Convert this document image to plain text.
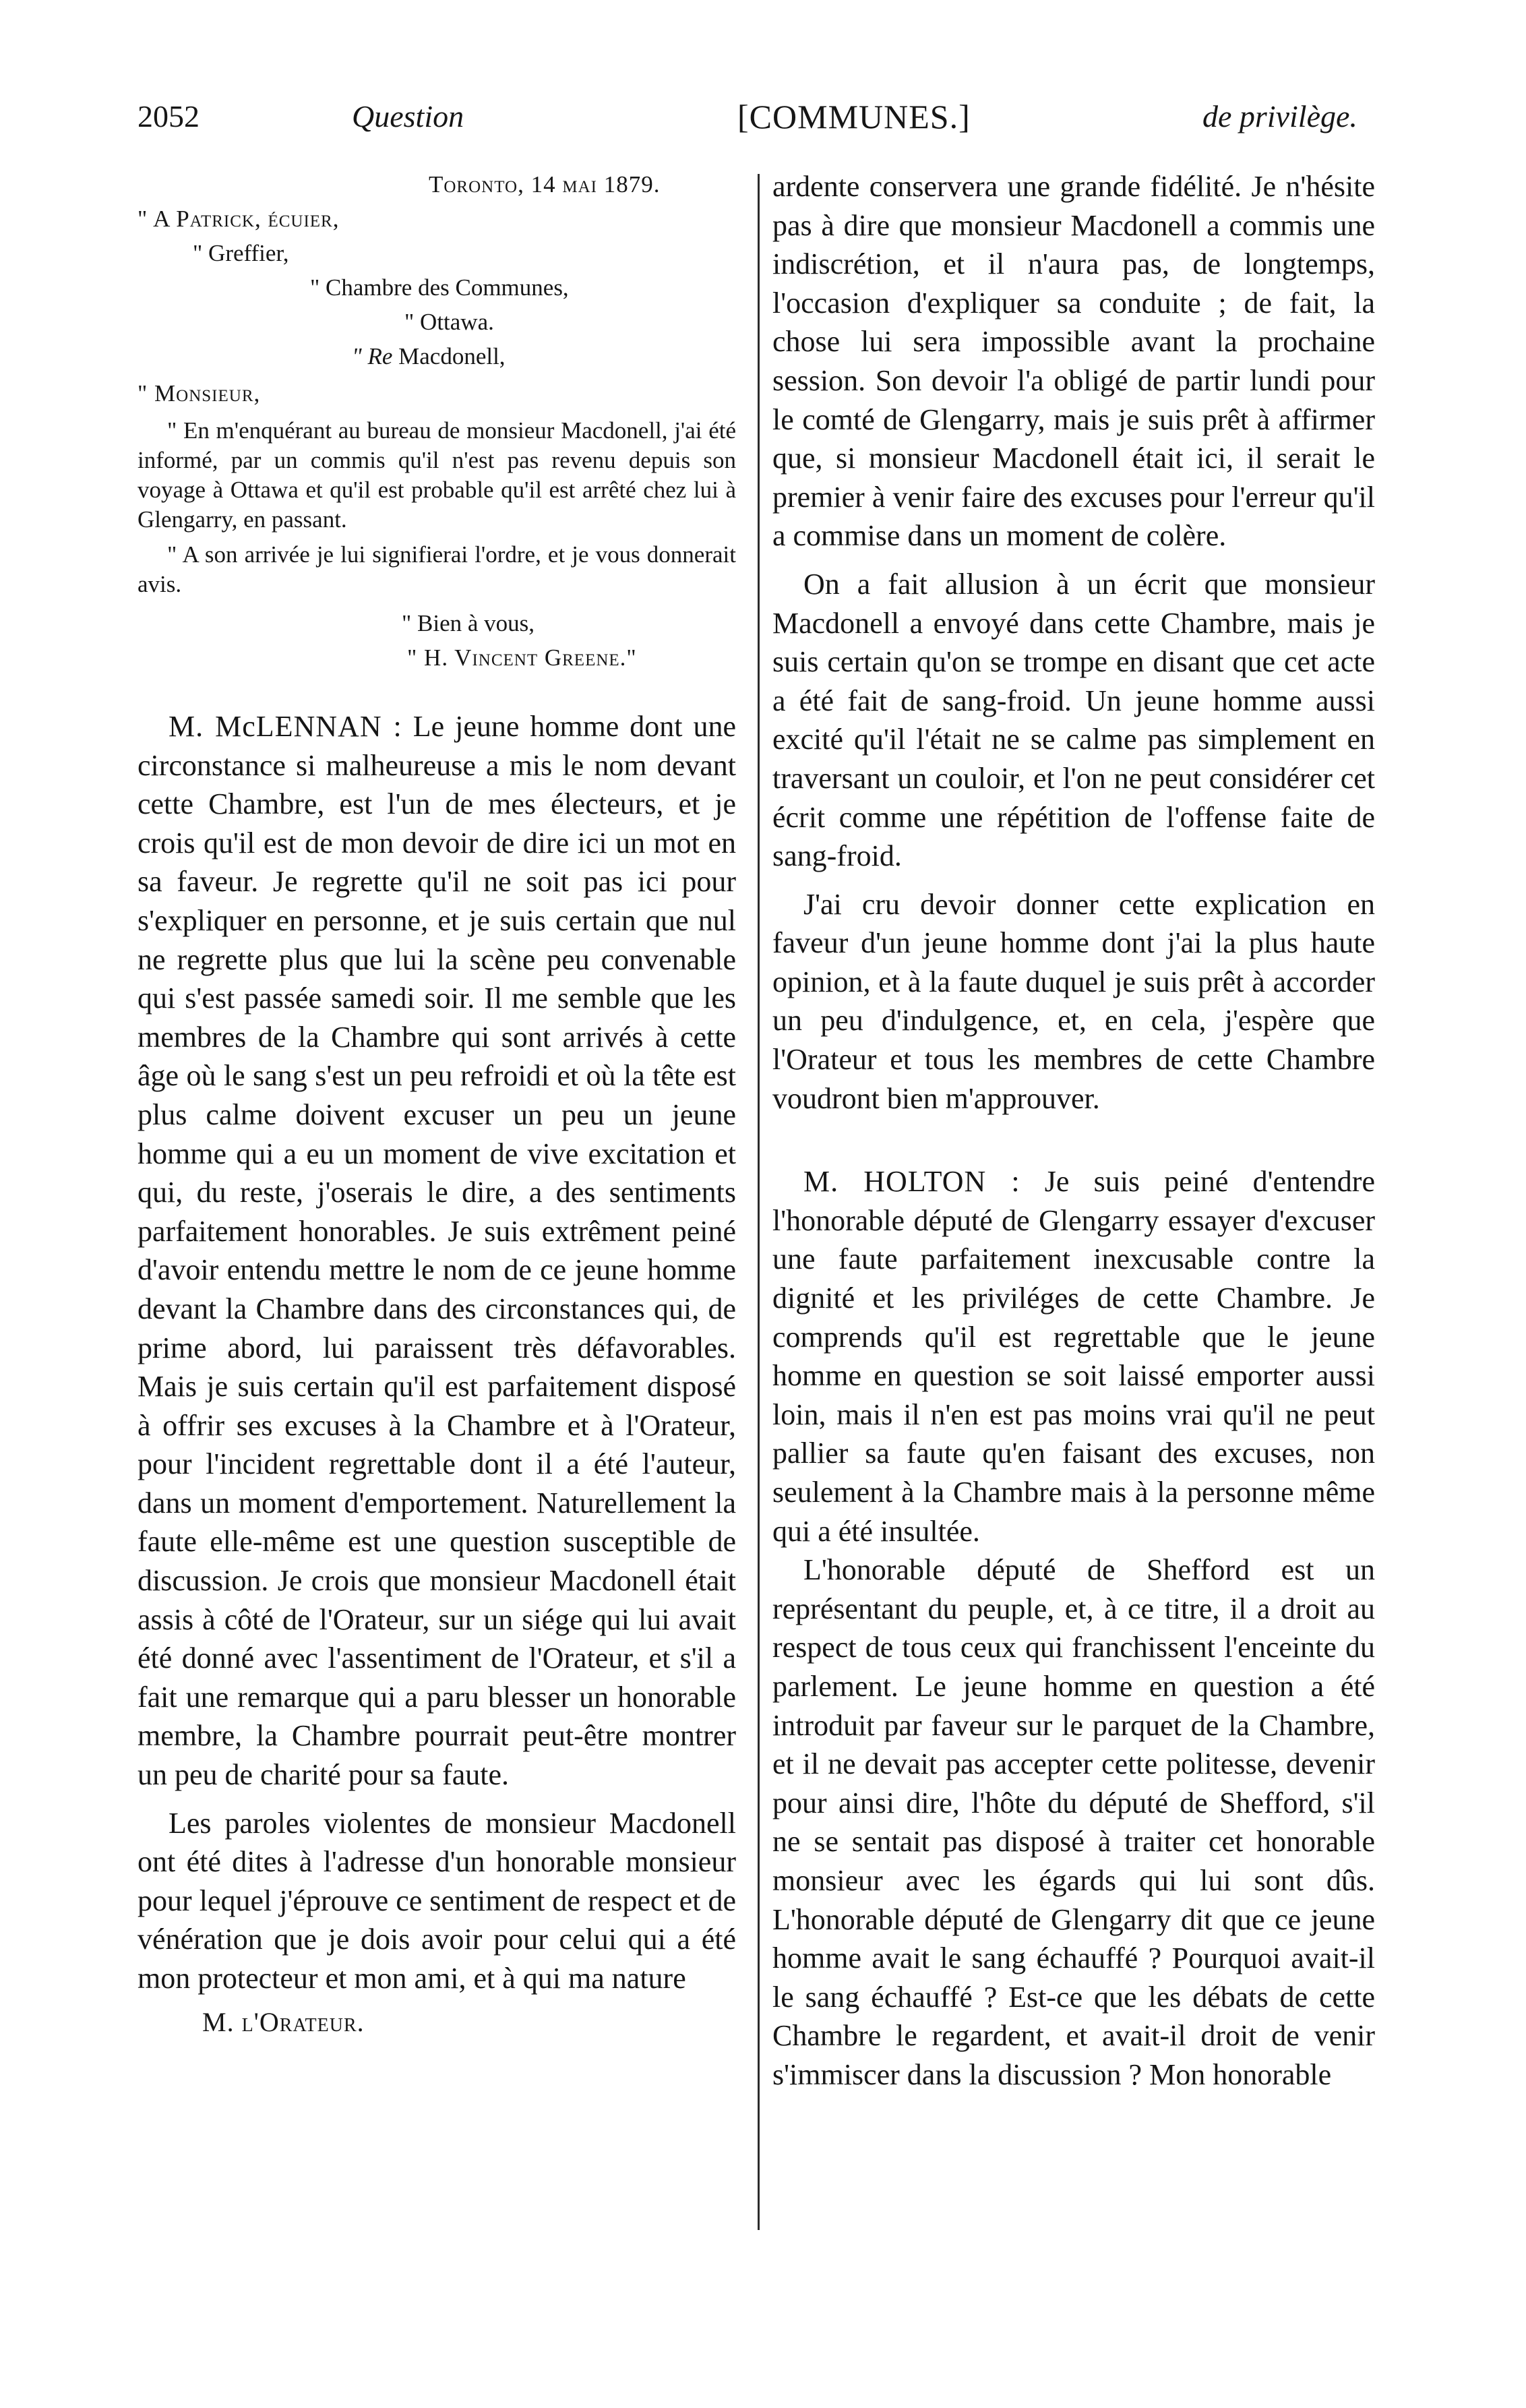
2052	Question	[COMMUNES.]	de privilège.
Toronto, 14 mai 1879.
" A Patrick, écuier,
" Greffier,
" Chambre des Communes,
" Ottawa.
" Re Macdonell,
" Monsieur,

" En m'enquérant au bureau de monsieur Macdonell, j'ai été informé, par un commis qu'il n'est pas revenu depuis son voyage à Ottawa et qu'il est probable qu'il est arrêté chez lui à Glengarry, en passant.

" A son arrivée je lui signifierai l'ordre, et je vous donnerait avis.

" Bien à vous,
" H. Vincent Greene."

M. McLENNAN : Le jeune homme dont une circonstance si malheureuse a mis le nom devant cette Chambre, est l'un de mes électeurs, et je crois qu'il est de mon devoir de dire ici un mot en sa faveur. Je regrette qu'il ne soit pas ici pour s'expliquer en personne, et je suis certain que nul ne regrette plus que lui la scène peu convenable qui s'est passée samedi soir. Il me semble que les membres de la Chambre qui sont arrivés à cette âge où le sang s'est un peu refroidi et où la tête est plus calme doivent excuser un peu un jeune homme qui a eu un moment de vive excitation et qui, du reste, j'oserais le dire, a des sentiments parfaitement honorables. Je suis extrêment peiné d'avoir entendu mettre le nom de ce jeune homme devant la Chambre dans des circonstances qui, de prime abord, lui paraissent très défavorables. Mais je suis certain qu'il est parfaitement disposé à offrir ses excuses à la Chambre et à l'Orateur, pour l'incident regrettable dont il a été l'auteur, dans un moment d'emportement. Naturellement la faute elle-même est une question susceptible de discussion. Je crois que monsieur Macdonell était assis à côté de l'Orateur, sur un siége qui lui avait été donné avec l'assentiment de l'Orateur, et s'il a fait une remarque qui a paru blesser un honorable membre, la Chambre pourrait peut-être montrer un peu de charité pour sa faute.

Les paroles violentes de monsieur Macdonell ont été dites à l'adresse d'un honorable monsieur pour lequel j'éprouve ce sentiment de respect et de vénération que je dois avoir pour celui qui a été mon protecteur et mon ami, et à qui ma nature

M. l'Orateur.

ardente conservera une grande fidélité. Je n'hésite pas à dire que monsieur Macdonell a commis une indiscrétion, et il n'aura pas, de longtemps, l'occasion d'expliquer sa conduite ; de fait, la chose lui sera impossible avant la prochaine session. Son devoir l'a obligé de partir lundi pour le comté de Glengarry, mais je suis prêt à affirmer que, si monsieur Macdonell était ici, il serait le premier à venir faire des excuses pour l'erreur qu'il a commise dans un moment de colère.

On a fait allusion à un écrit que monsieur Macdonell a envoyé dans cette Chambre, mais je suis certain qu'on se trompe en disant que cet acte a été fait de sang-froid. Un jeune homme aussi excité qu'il l'était ne se calme pas simplement en traversant un couloir, et l'on ne peut considérer cet écrit comme une répétition de l'offense faite de sang-froid.

J'ai cru devoir donner cette explication en faveur d'un jeune homme dont j'ai la plus haute opinion, et à la faute duquel je suis prêt à accorder un peu d'indulgence, et, en cela, j'espère que l'Orateur et tous les membres de cette Chambre voudront bien m'approuver.

M. HOLTON : Je suis peiné d'entendre l'honorable député de Glengarry essayer d'excuser une faute parfaitement inexcusable contre la dignité et les priviléges de cette Chambre. Je comprends qu'il est regrettable que le jeune homme en question se soit laissé emporter aussi loin, mais il n'en est pas moins vrai qu'il ne peut pallier sa faute qu'en faisant des excuses, non seulement à la Chambre mais à la personne même qui a été insultée.

L'honorable député de Shefford est un représentant du peuple, et, à ce titre, il a droit au respect de tous ceux qui franchissent l'enceinte du parlement. Le jeune homme en question a été introduit par faveur sur le parquet de la Chambre, et il ne devait pas accepter cette politesse, devenir pour ainsi dire, l'hôte du député de Shefford, s'il ne se sentait pas disposé à traiter cet honorable monsieur avec les égards qui lui sont dûs. L'honorable député de Glengarry dit que ce jeune homme avait le sang échauffé ? Pourquoi avait-il le sang échauffé ? Est-ce que les débats de cette Chambre le regardent, et avait-il droit de venir s'immiscer dans la discussion ? Mon honorable
